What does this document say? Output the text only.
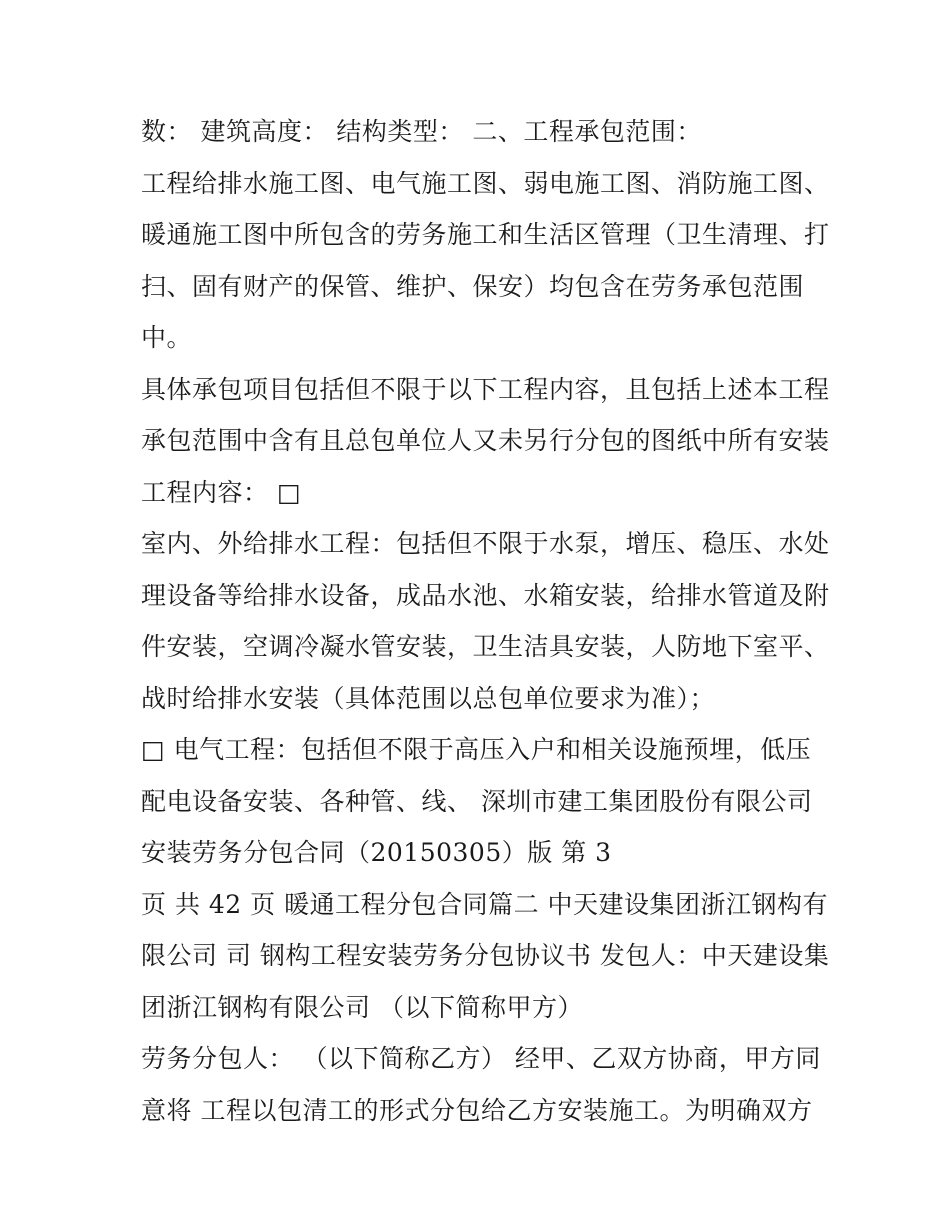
数： 建筑高度： 结构类型： 二、工程承包范围：
工程给排水施工图、电气施工图、弱电施工图、消防施工图、
暖通施工图中所包含的劳务施工和生活区管理（卫生清理、打
扫、固有财产的保管、维护、保安）均包含在劳务承包范围
中。
具体承包项目包括但不限于以下工程内容，且包括上述本工程
承包范围中含有且总包单位人又未另行分包的图纸中所有安装
工程内容： □
室内、外给排水工程：包括但不限于水泵，增压、稳压、水处
理设备等给排水设备，成品水池、水箱安装，给排水管道及附
件安装，空调冷凝水管安装，卫生洁具安装，人防地下室平、
战时给排水安装（具体范围以总包单位要求为准）；
□ 电气工程：包括但不限于高压入户和相关设施预埋，低压
配电设备安装、各种管、线、 深圳市建工集团股份有限公司
安装劳务分包合同（20150305）版 第 3
页 共 42 页 暖通工程分包合同篇二 中天建设集团浙江钢构有
限公司 司 钢构工程安装劳务分包协议书 发包人：中天建设集
团浙江钢构有限公司 （以下简称甲方）
劳务分包人： （以下简称乙方） 经甲、乙双方协商，甲方同
意将 工程以包清工的形式分包给乙方安装施工。为明确双方
